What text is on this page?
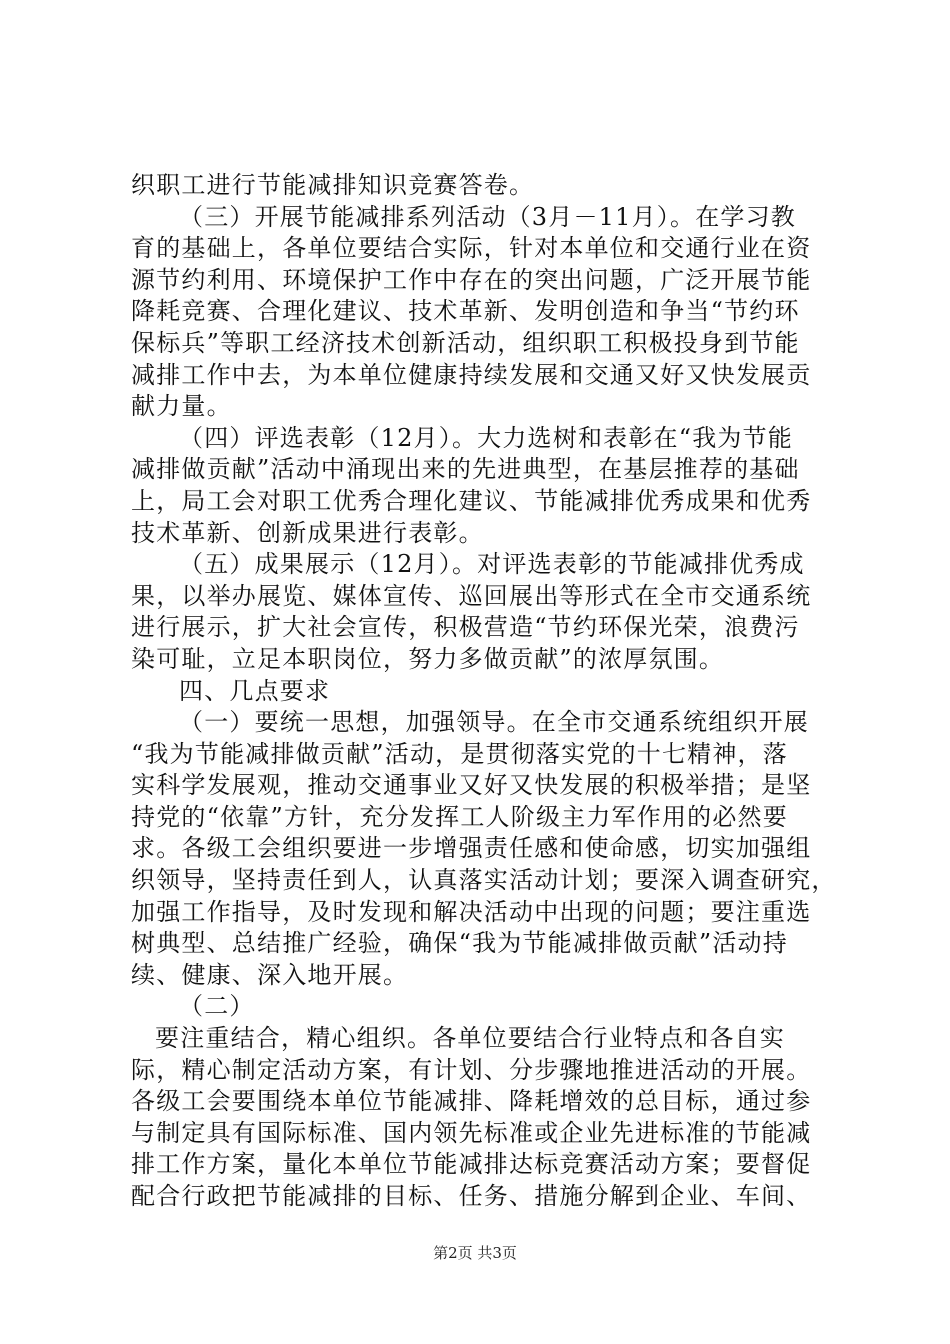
织职工进行节能减排知识竞赛答卷。
（三）开展节能减排系列活动（3月－11月）。在学习教
育的基础上，各单位要结合实际，针对本单位和交通行业在资
源节约利用、环境保护工作中存在的突出问题，广泛开展节能
降耗竞赛、合理化建议、技术革新、发明创造和争当“节约环
保标兵”等职工经济技术创新活动，组织职工积极投身到节能
减排工作中去，为本单位健康持续发展和交通又好又快发展贡
献力量。
（四）评选表彰（12月）。大力选树和表彰在“我为节能
减排做贡献”活动中涌现出来的先进典型，在基层推荐的基础
上，局工会对职工优秀合理化建议、节能减排优秀成果和优秀
技术革新、创新成果进行表彰。
（五）成果展示（12月）。对评选表彰的节能减排优秀成
果，以举办展览、媒体宣传、巡回展出等形式在全市交通系统
进行展示，扩大社会宣传，积极营造“节约环保光荣，浪费污
染可耻，立足本职岗位，努力多做贡献”的浓厚氛围。
四、几点要求
（一）要统一思想，加强领导。在全市交通系统组织开展
“我为节能减排做贡献”活动，是贯彻落实党的十七精神，落
实科学发展观，推动交通事业又好又快发展的积极举措；是坚
持党的“依靠”方针，充分发挥工人阶级主力军作用的必然要
求。各级工会组织要进一步增强责任感和使命感，切实加强组
织领导，坚持责任到人，认真落实活动计划；要深入调查研究，
加强工作指导，及时发现和解决活动中出现的问题；要注重选
树典型、总结推广经验，确保“我为节能减排做贡献”活动持
续、健康、深入地开展。
（二）
要注重结合，精心组织。各单位要结合行业特点和各自实
际，精心制定活动方案，有计划、分步骤地推进活动的开展。
各级工会要围绕本单位节能减排、降耗增效的总目标，通过参
与制定具有国际标准、国内领先标准或企业先进标准的节能减
排工作方案，量化本单位节能减排达标竞赛活动方案；要督促
配合行政把节能减排的目标、任务、措施分解到企业、车间、
第2页 共3页
